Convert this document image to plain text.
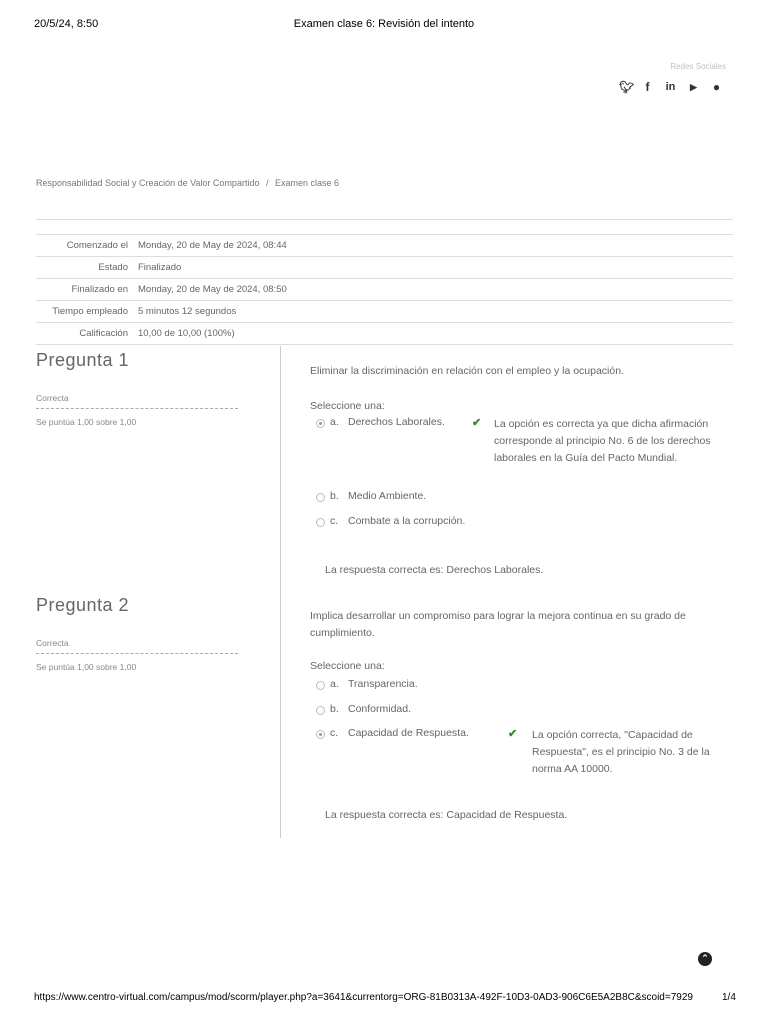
20/5/24, 8:50	Examen clase 6: Revisión del intento
Redes Sociales
🐦︎ f	in ▶ ●
Responsabilidad Social y Creación de Valor Compartido / Examen clase 6
Comenzado el	Monday, 20 de May de 2024, 08:44
Estado	Finalizado
Finalizado en	Monday, 20 de May de 2024, 08:50
Tiempo empleado	5 minutos 12 segundos
Calificación	10,00 de 10,00 (100%)
Pregunta 1
Correcta
Se puntúa 1,00 sobre 1,00
Eliminar la discriminación en relación con el empleo y la ocupación.
Seleccione una:
a. Derechos Laborales.	✔	La opción es correcta ya que dicha afirmación corresponde al principio No. 6 de los derechos laborales en la Guía del Pacto Mundial.
b. Medio Ambiente.
c. Combate a la corrupción.
La respuesta correcta es: Derechos Laborales.
Pregunta 2
Correcta
Se puntúa 1,00 sobre 1,00
Implica desarrollar un compromiso para lograr la mejora continua en su grado de cumplimiento.
Seleccione una:
a. Transparencia.
b. Conformidad.
c. Capacidad de Respuesta.	✔	La opción correcta, "Capacidad de Respuesta", es el principio No. 3 de la norma AA 10000.
La respuesta correcta es: Capacidad de Respuesta.
⌃
https://www.centro-virtual.com/campus/mod/scorm/player.php?a=3641&currentorg=ORG-81B0313A-492F-10D3-0AD3-906C6E5A2B8C&scoid=7929	1/4
